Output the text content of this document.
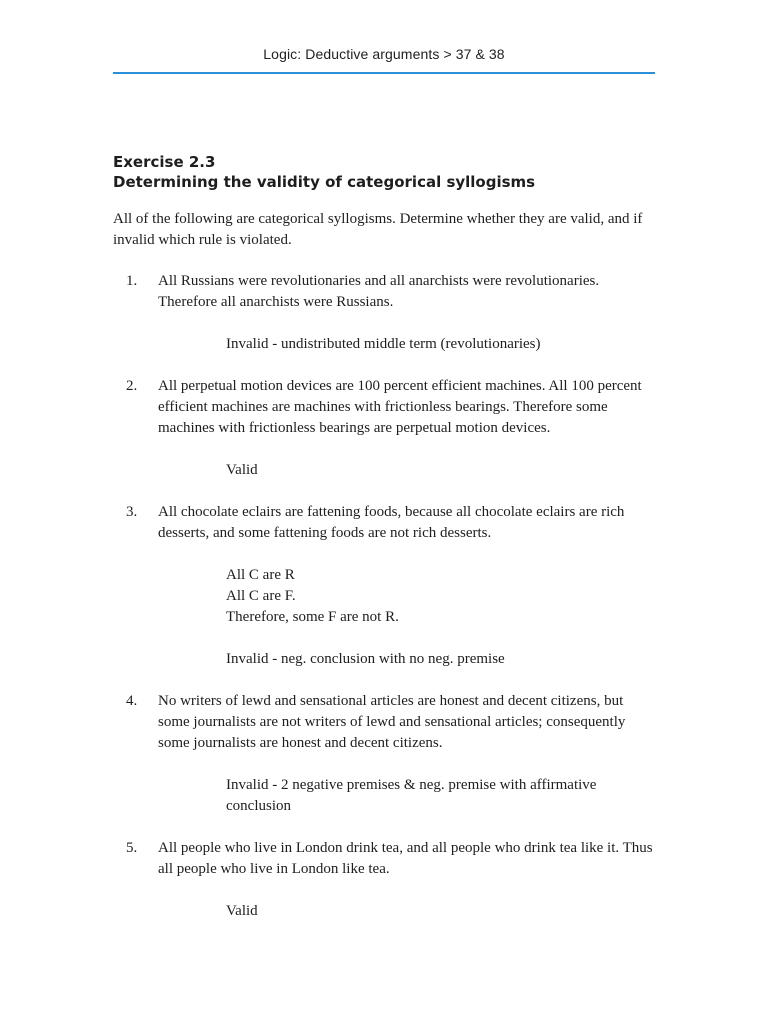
Logic: Deductive arguments > 37 & 38
Exercise 2.3
Determining the validity of categorical syllogisms

All of the following are categorical syllogisms. Determine whether they are valid, and if invalid which rule is violated.

1. All Russians were revolutionaries and all anarchists were revolutionaries. Therefore all anarchists were Russians.

Invalid - undistributed middle term (revolutionaries)

2. All perpetual motion devices are 100 percent efficient machines. All 100 percent efficient machines are machines with frictionless bearings. Therefore some machines with frictionless bearings are perpetual motion devices.

Valid

3. All chocolate eclairs are fattening foods, because all chocolate eclairs are rich desserts, and some fattening foods are not rich desserts.

All C are R

All C are F.

Therefore, some F are not R.

Invalid - neg. conclusion with no neg. premise

4. No writers of lewd and sensational articles are honest and decent citizens, but some journalists are not writers of lewd and sensational articles; consequently some journalists are honest and decent citizens.

Invalid - 2 negative premises & neg. premise with affirmative conclusion

5. All people who live in London drink tea, and all people who drink tea like it. Thus all people who live in London like tea.

Valid
